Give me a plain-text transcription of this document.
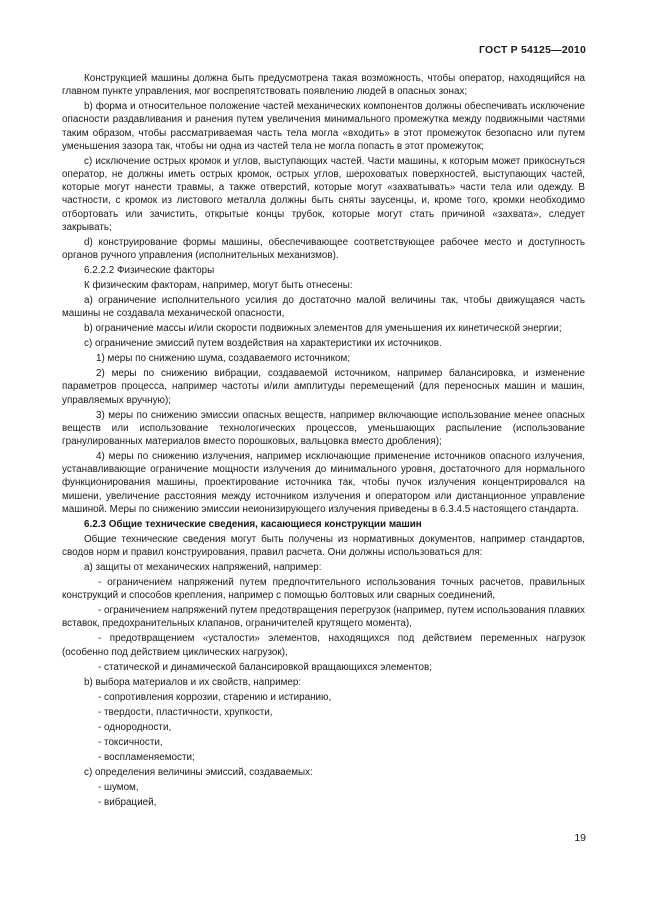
ГОСТ Р 54125—2010

Конструкцией машины должна быть предусмотрена такая возможность, чтобы оператор, находящийся на главном пункте управления, мог воспрепятствовать появлению людей в опасных зонах;

b) форма и относительное положение частей механических компонентов должны обеспечивать исключение опасности раздавливания и ранения путем увеличения минимального промежутка между подвижными частями таким образом, чтобы рассматриваемая часть тела могла «входить» в этот промежуток безопасно или путем уменьшения зазора так, чтобы ни одна из частей тела не могла попасть в этот промежуток;

с) исключение острых кромок и углов, выступающих частей. Части машины, к которым может прикоснуться оператор, не должны иметь острых кромок, острых углов, шероховатых поверхностей, выступающих частей, которые могут нанести травмы, а также отверстий, которые могут «захватывать» части тела или одежду. В частности, с кромок из листового металла должны быть сняты заусенцы, и, кроме того, кромки необходимо отбортовать или зачистить, открытые концы трубок, которые могут стать причиной «захвата», следует закрывать;

d) конструирование формы машины, обеспечивающее соответствующее рабочее место и доступность органов ручного управления (исполнительных механизмов).

6.2.2.2 Физические факторы

К физическим факторам, например, могут быть отнесены:

а) ограничение исполнительного усилия до достаточно малой величины так, чтобы движущаяся часть машины не создавала механической опасности,

b) ограничение массы и/или скорости подвижных элементов для уменьшения их кинетической энергии;

с) ограничение эмиссий путем воздействия на характеристики их источников.

1) меры по снижению шума, создаваемого источником;

2) меры по снижению вибрации, создаваемой источником, например балансировка, и изменение параметров процесса, например частоты и/или амплитуды перемещений (для переносных машин и машин, управляемых вручную);

3) меры по снижению эмиссии опасных веществ, например включающие использование менее опасных веществ или использование технологических процессов, уменьшающих распыление (использование гранулированных материалов вместо порошковых, вальцовка вместо дробления);

4) меры по снижению излучения, например исключающие применение источников опасного излучения, устанавливающие ограничение мощности излучения до минимального уровня, достаточного для нормального функционирования машины, проектирование источника так, чтобы пучок излучения концентрировался на мишени, увеличение расстояния между источником излучения и оператором или дистанционное управление машиной. Меры по снижению эмиссии неионизирующего излучения приведены в 6.3.4.5 настоящего стандарта.

6.2.3 Общие технические сведения, касающиеся конструкции машин

Общие технические сведения могут быть получены из нормативных документов, например стандартов, сводов норм и правил конструирования, правил расчета. Они должны использоваться для:

а) защиты от механических напряжений, например:

- ограничением напряжений путем предпочтительного использования точных расчетов, правильных конструкций и способов крепления, например с помощью болтовых или сварных соединений,

- ограничением напряжений путем предотвращения перегрузок (например, путем использования плавких вставок, предохранительных клапанов, ограничителей крутящего момента),

- предотвращением «усталости» элементов, находящихся под действием переменных нагрузок (особенно под действием циклических нагрузок),

- статической и динамической балансировкой вращающихся элементов;

b) выбора материалов и их свойств, например:

- сопротивления коррозии, старению и истиранию,

- твердости, пластичности, хрупкости,

- однородности,

- токсичности,

- воспламеняемости;

с) определения величины эмиссий, создаваемых:

- шумом,

- вибрацией,

19
